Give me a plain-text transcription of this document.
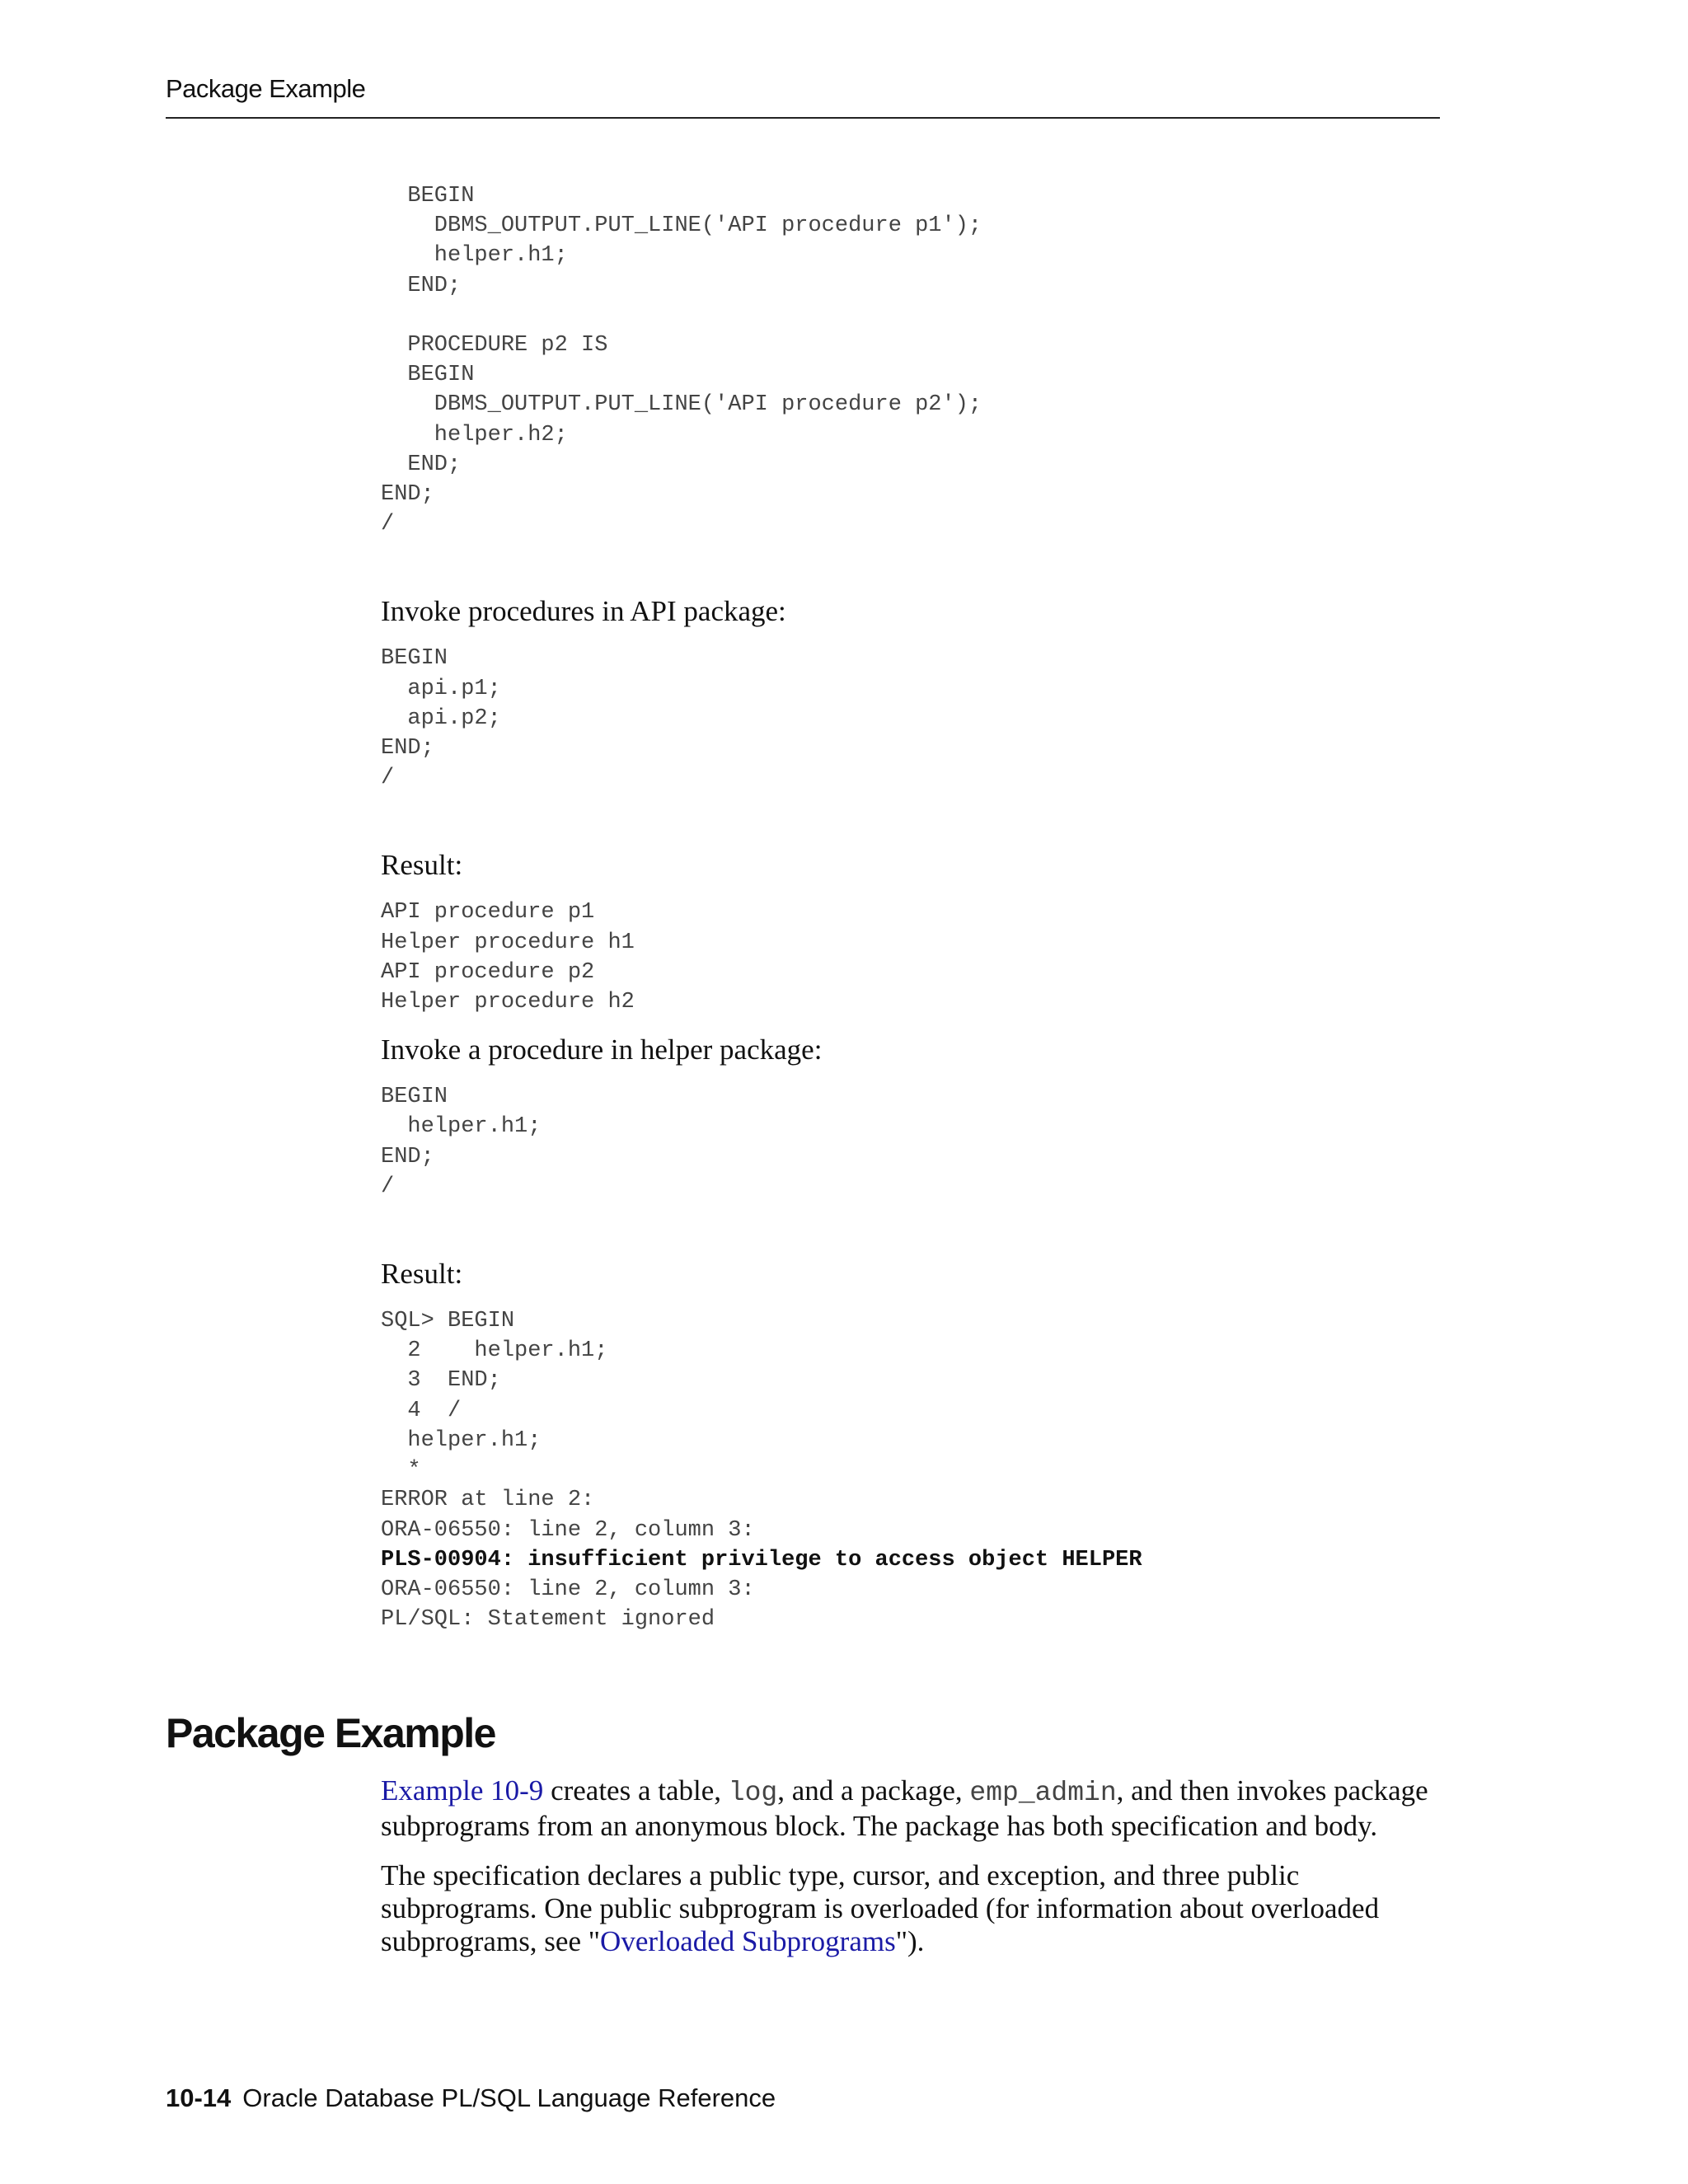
Package Example
BEGIN
DBMS_OUTPUT.PUT_LINE('API procedure p1');
helper.h1;
END;

PROCEDURE p2 IS
BEGIN
DBMS_OUTPUT.PUT_LINE('API procedure p2');
helper.h2;
END;
END;
/

Invoke procedures in API package:

BEGIN
api.p1;
api.p2;
END;
/

Result:

API procedure p1
Helper procedure h1
API procedure p2
Helper procedure h2

Invoke a procedure in helper package:

BEGIN
helper.h1;
END;
/

Result:

SQL> BEGIN
2    helper.h1;
3  END;
4  /
helper.h1;
*
ERROR at line 2:
ORA-06550: line 2, column 3:
PLS-00904: insufficient privilege to access object HELPER
ORA-06550: line 2, column 3:
PL/SQL: Statement ignored
Package Example

Example 10-9 creates a table, log, and a package, emp_admin, and then invokes package subprograms from an anonymous block. The package has both specification and body.

The specification declares a public type, cursor, and exception, and three public subprograms. One public subprogram is overloaded (for information about overloaded subprograms, see "Overloaded Subprograms").

10-14 Oracle Database PL/SQL Language Reference
